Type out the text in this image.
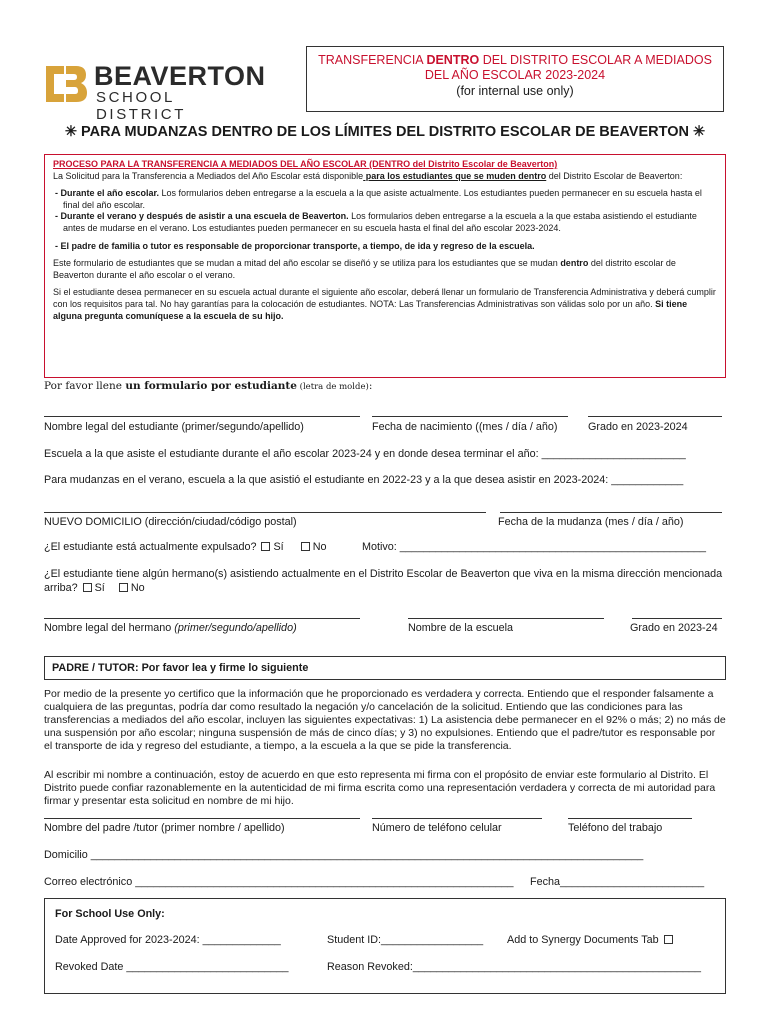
BEAVERTON
SCHOOL DISTRICT
TRANSFERENCIA DENTRO DEL DISTRITO ESCOLAR A MEDIADOS
DEL AÑO ESCOLAR 2023-2024
(for internal use only)
✳ PARA MUDANZAS DENTRO DE LOS LÍMITES DEL DISTRITO ESCOLAR DE BEAVERTON ✳
PROCESO PARA LA TRANSFERENCIA A MEDIADOS DEL AÑO ESCOLAR (DENTRO del Distrito Escolar de Beaverton)

La Solicitud para la Transferencia a Mediados del Año Escolar está disponible para los estudiantes que se muden dentro del Distrito Escolar de Beaverton:

- Durante el año escolar. Los formularios deben entregarse a la escuela a la que asiste actualmente. Los estudiantes pueden permanecer en su escuela hasta el final del año escolar.

- Durante el verano y después de asistir a una escuela de Beaverton. Los formularios deben entregarse a la escuela a la que estaba asistiendo el estudiante antes de mudarse en el verano. Los estudiantes pueden permanecer en su escuela hasta el final del año escolar 2023-2024.

- El padre de familia o tutor es responsable de proporcionar transporte, a tiempo, de ida y regreso de la escuela.

Este formulario de estudiantes que se mudan a mitad del año escolar se diseñó y se utiliza para los estudiantes que se mudan dentro del distrito escolar de Beaverton durante el año escolar o el verano.

Si el estudiante desea permanecer en su escuela actual durante el siguiente año escolar, deberá llenar un formulario de Transferencia Administrativa y deberá cumplir con los requisitos para tal. No hay garantías para la colocación de estudiantes. NOTA: Las Transferencias Administrativas son válidas solo por un año. Si tiene alguna pregunta comuníquese a la escuela de su hijo.

Por favor llene un formulario por estudiante (letra de molde):
Nombre legal del estudiante (primer/segundo/apellido)	Fecha de nacimiento ((mes / día / año)	Grado en 2023-2024
Escuela a la que asiste el estudiante durante el año escolar 2023-24 y en donde desea terminar el año: ________________________
Para mudanzas en el verano, escuela a la que asistió el estudiante en 2022-23 y a la que desea asistir en 2023-2024: ____________
NUEVO DOMICILIO (dirección/ciudad/código postal)	Fecha de la mudanza (mes / día / año)
¿El estudiante está actualmente expulsado? Sí	No	Motivo: ___________________________________________________
¿El estudiante tiene algún hermano(s) asistiendo actualmente en el Distrito Escolar de Beaverton que viva en la misma dirección mencionada arriba? Sí No
Nombre legal del hermano (primer/segundo/apellido)	Nombre de la escuela	Grado en 2023-24
PADRE / TUTOR: Por favor lea y firme lo siguiente
Por medio de la presente yo certifico que la información que he proporcionado es verdadera y correcta. Entiendo que el responder falsamente a cualquiera de las preguntas, podría dar como resultado la negación y/o cancelación de la solicitud. Entiendo que las condiciones para las transferencias a mediados del año escolar, incluyen las siguientes expectativas: 1) La asistencia debe permanecer en el 92% o más; 2) no más de una suspensión por año escolar; ninguna suspensión de más de cinco días; y 3) no expulsiones. Entiendo que el padre/tutor es responsable por el transporte de ida y regreso del estudiante, a tiempo, a la escuela a la que se pide la transferencia.
Al escribir mi nombre a continuación, estoy de acuerdo en que esto representa mi firma con el propósito de enviar este formulario al Distrito. El Distrito puede confiar razonablemente en la autenticidad de mi firma escrita como una representación verdadera y correcta de mi autoridad para firmar y presentar esta solicitud en nombre de mi hijo.
Nombre del padre /tutor (primer nombre / apellido)	Número de teléfono celular	Teléfono del trabajo
Domicilio ____________________________________________________________________________________________
Correo electrónico _______________________________________________________________ Fecha________________________
For School Use Only:
Date Approved for 2023-2024: _____________	Student ID:_________________ Add to Synergy Documents Tab
Revoked Date ___________________________	Reason Revoked:________________________________________________
